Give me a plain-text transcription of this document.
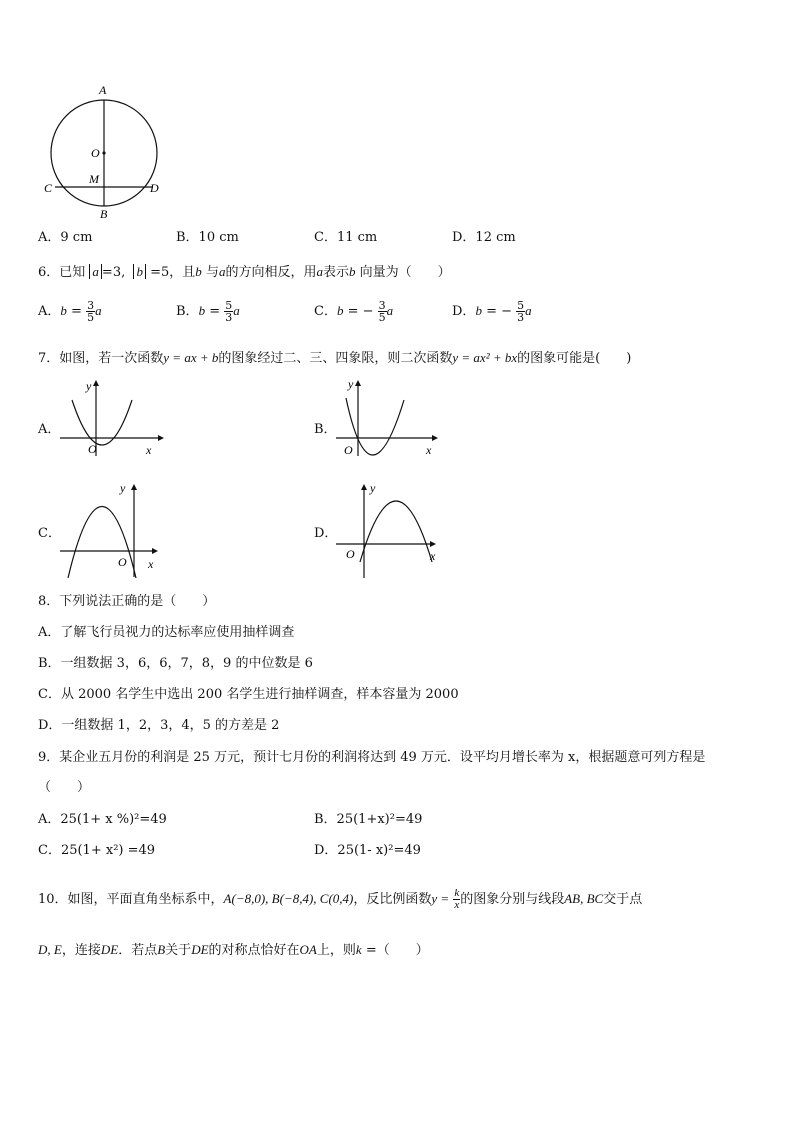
A
O
M
C	D
B
A．9 cm	B．10 cm	C．11 cm	D．12 cm
6．已知 a =3, b =5，且b 与a的方向相反，用a表示b 向量为（　　）
A．$b = \frac{3}{5}$ a	B．$b = \frac{5}{3}$ a	C．b = − $\frac{3}{5}$ a	D．b = − $\frac{5}{3}$ a
7．如图，若一次函数y = ax + b的图象经过二、三、四象限，则二次函数y = ax² + bx的图象可能是(　　)
A．
y
O	x
B．
y
O	x
C．
y
O x
D．
y
O	x
8．下列说法正确的是（　　）
A．了解飞行员视力的达标率应使用抽样调查
B．一组数据 3，6，6，7，8，9 的中位数是 6
C．从 2000 名学生中选出 200 名学生进行抽样调查，样本容量为 2000
D．一组数据 1，2，3，4，5 的方差是 2
9．某企业五月份的利润是 25 万元，预计七月份的利润将达到 49 万元．设平均月增长率为 x，根据题意可列方程是
（　　）
A．25(1+ x %)²=49	B．25(1+x)²=49
C．25(1+ x²) =49	D．25(1- x)²=49
10．如图，平面直角坐标系中，A(−8,0), B(−8,4), C(0,4)，反比例函数$y = \frac{k}{x}$ 的图象分别与线段AB, BC交于点
D, E，连接DE．若点B关于DE的对称点恰好在OA上，则k =（　　）
